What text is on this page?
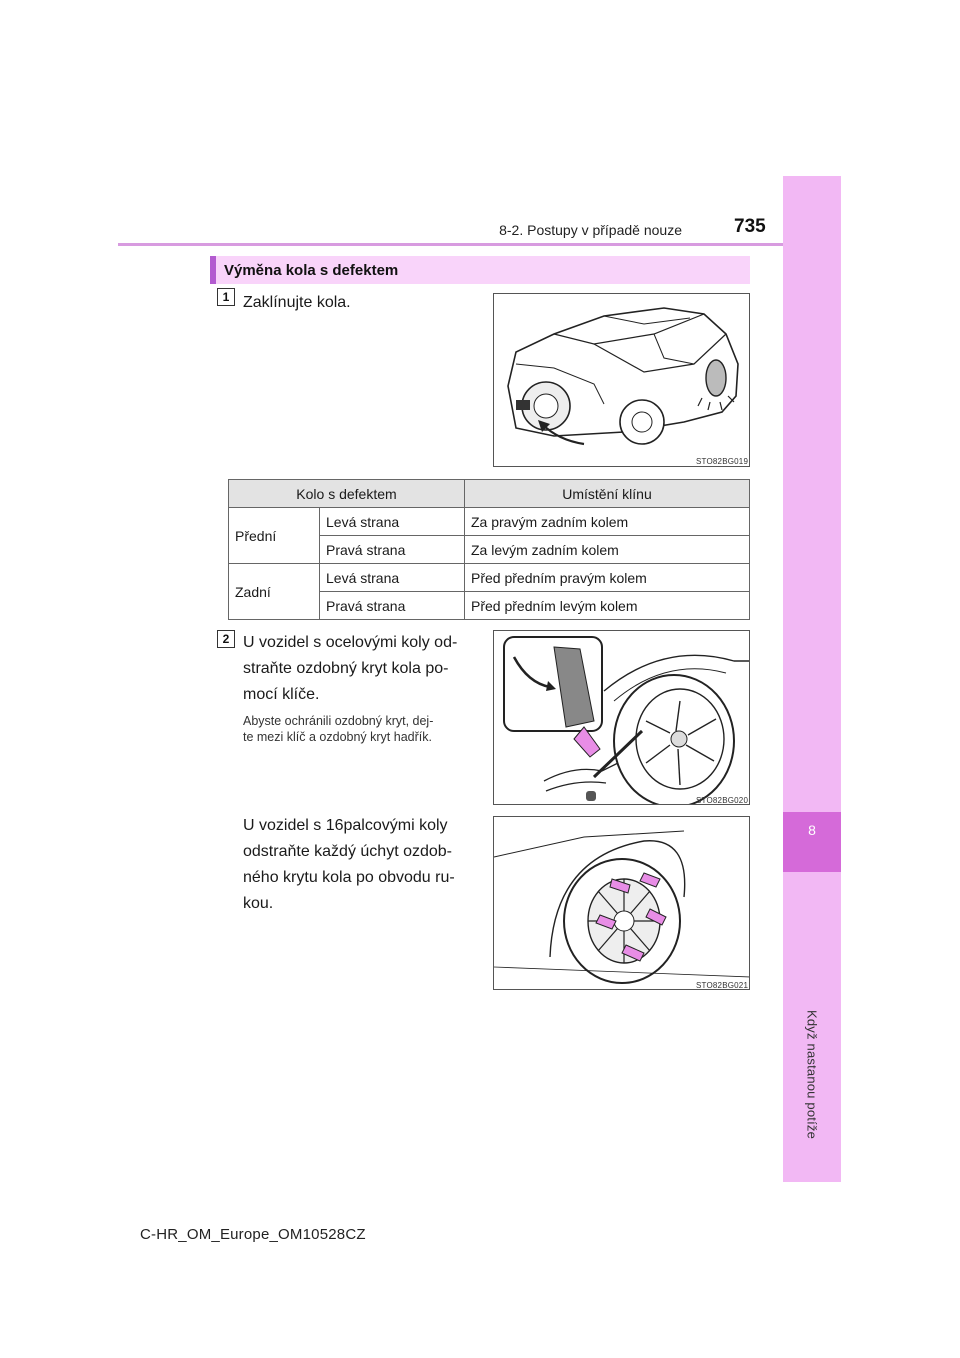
8
Když nastanou potíže
8-2. Postupy v případě nouze	735
Výměna kola s defektem
1 Zaklínujte kola.
STO82BG019
Kolo s defektem		Umístění klínu
Přední	Levá strana	Za pravým zadním kolem
	Pravá strana	Za levým zadním kolem
Zadní	Levá strana	Před předním pravým kolem
	Pravá strana	Před předním levým kolem
2 U vozidel s ocelovými koly od-
straňte ozdobný kryt kola po-
mocí klíče.
Abyste ochránili ozdobný kryt, dej-
te mezi klíč a ozdobný kryt hadřík.
STO82BG020
U vozidel s 16palcovými koly
odstraňte každý úchyt ozdob-
ného krytu kola po obvodu ru-
kou.
STO82BG021
C-HR_OM_Europe_OM10528CZ
